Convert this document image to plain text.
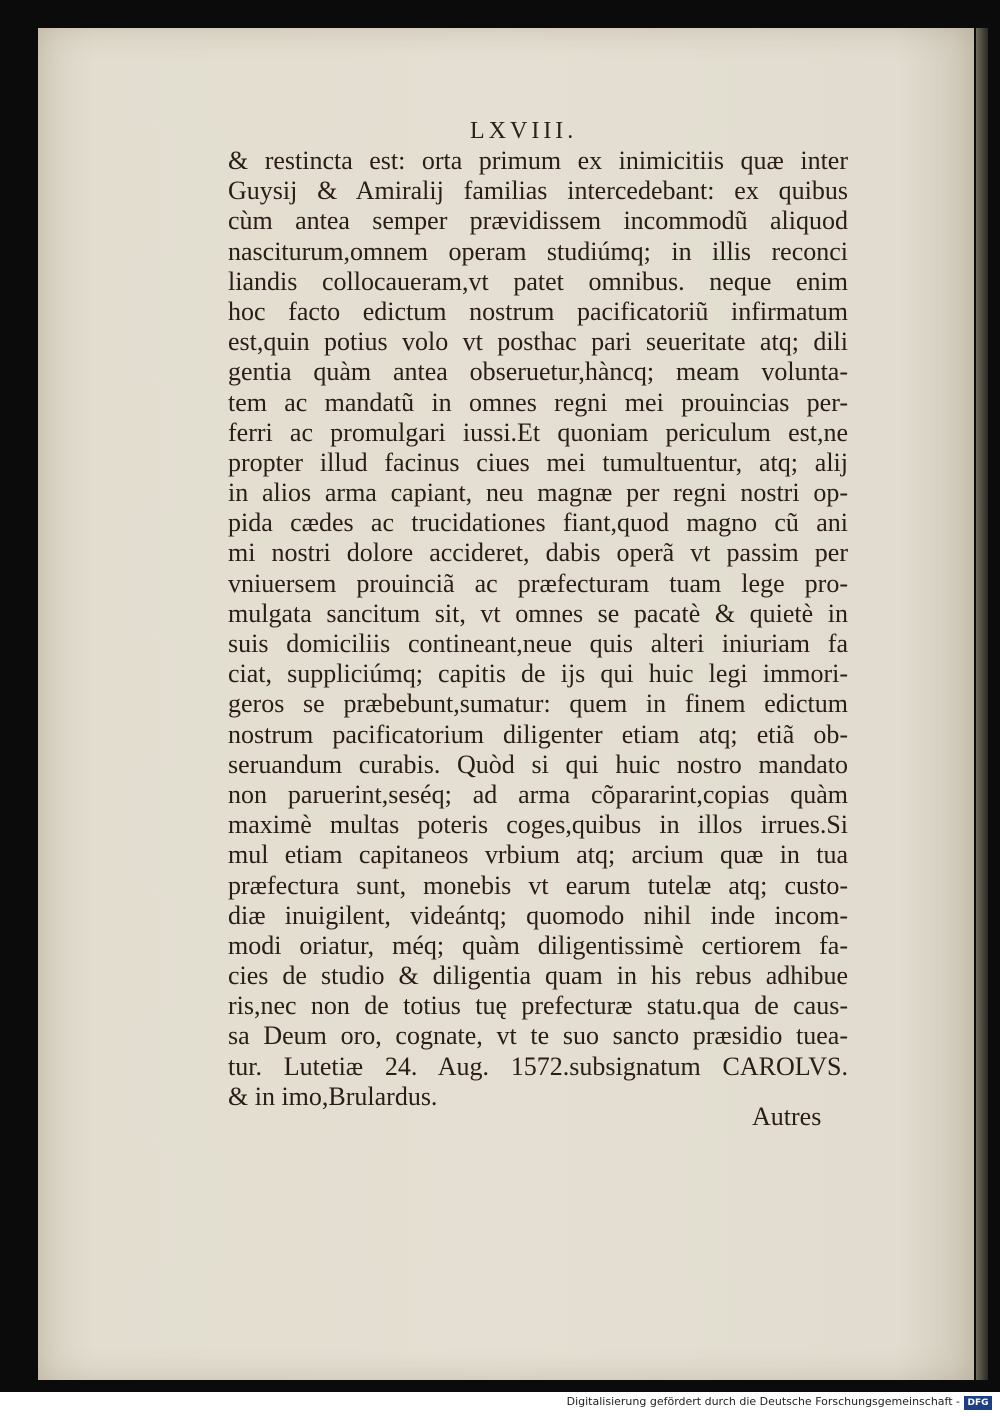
LXVIII.
& restincta est: orta primum ex inimicitiis quæ inter
Guysij & Amiralij familias intercedebant: ex quibus
cùm antea semper prævidissem incommodũ aliquod
nasciturum,omnem operam studiúmq; in illis reconci
liandis collocaueram,vt patet omnibus. neque enim
hoc facto edictum nostrum pacificatoriũ infirmatum
est,quin potius volo vt posthac pari seueritate atq; dili
gentia quàm antea obseruetur,hàncq; meam volunta-
tem ac mandatũ in omnes regni mei prouincias per-
ferri ac promulgari iussi.Et quoniam periculum est,ne
propter illud facinus ciues mei tumultuentur, atq; alij
in alios arma capiant, neu magnæ per regni nostri op-
pida cædes ac trucidationes fiant,quod magno cũ ani
mi nostri dolore accideret, dabis operã vt passim per
vniuersem prouinciã ac præfecturam tuam lege pro-
mulgata sancitum sit, vt omnes se pacatè & quietè in
suis domiciliis contineant,neue quis alteri iniuriam fa
ciat, suppliciúmq; capitis de ijs qui huic legi immori-
geros se præbebunt,sumatur: quem in finem edictum
nostrum pacificatorium diligenter etiam atq; etiã ob-
seruandum curabis. Quòd si qui huic nostro mandato
non paruerint,seséq; ad arma cõpararint,copias quàm
maximè multas poteris coges,quibus in illos irrues.Si
mul etiam capitaneos vrbium atq; arcium quæ in tua
præfectura sunt, monebis vt earum tutelæ atq; custo-
diæ inuigilent, videántq; quomodo nihil inde incom-
modi oriatur, méq; quàm diligentissimè certiorem fa-
cies de studio & diligentia quam in his rebus adhibue
ris,nec non de totius tuę prefecturæ statu.qua de caus-
sa Deum oro, cognate, vt te suo sancto præsidio tuea-
tur. Lutetiæ 24. Aug. 1572.subsignatum CAROLVS.
& in imo,Brulardus.
Autres
Digitalisierung gefördert durch die Deutsche Forschungsgemeinschaft - DFG
